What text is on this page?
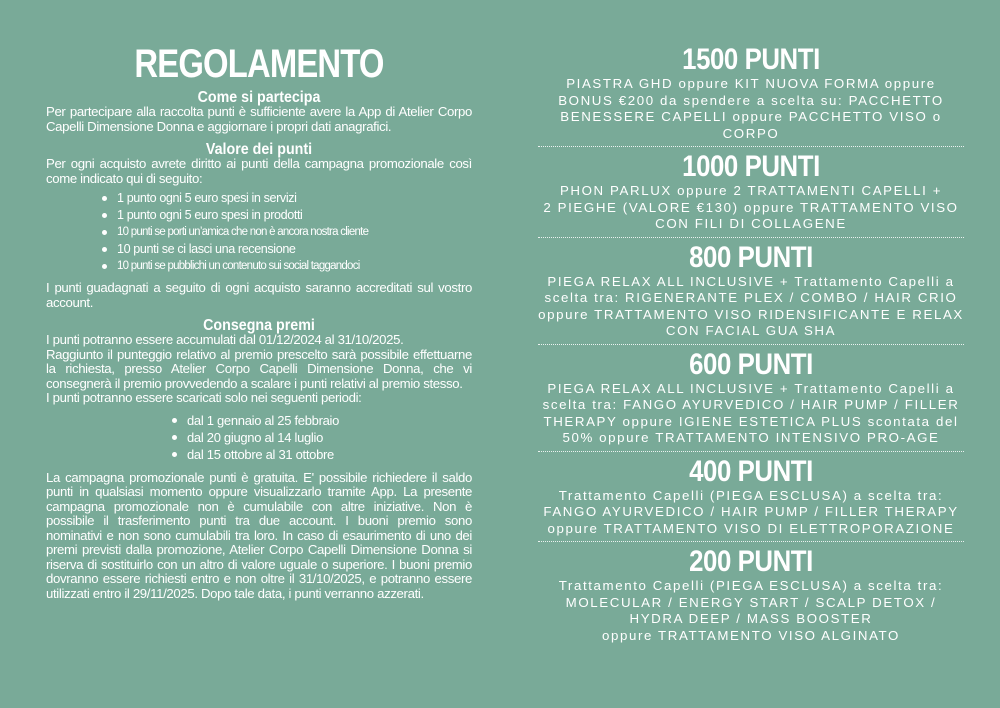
REGOLAMENTO
Come si partecipa
Per partecipare alla raccolta punti è sufficiente avere la App di Atelier Corpo Capelli Dimensione Donna e aggiornare i propri dati anagrafici.
Valore dei punti
Per ogni acquisto avrete diritto ai punti della campagna promozionale così come indicato qui di seguito:
1 punto ogni 5 euro spesi in servizi
1 punto ogni 5 euro spesi in prodotti
10 punti se porti un’amica che non è ancora nostra cliente
10 punti se ci lasci una recensione
10 punti se pubblichi un contenuto sui social taggandoci
I punti guadagnati a seguito di ogni acquisto saranno accreditati sul vostro account.
Consegna premi
I punti potranno essere accumulati dal 01/12/2024 al 31/10/2025.
Raggiunto il punteggio relativo al premio prescelto sarà possibile effettuarne la richiesta, presso Atelier Corpo Capelli Dimensione Donna, che vi consegnerà il premio provvedendo a scalare i punti relativi al premio stesso.
I punti potranno essere scaricati solo nei seguenti periodi:
dal 1 gennaio al 25 febbraio
dal 20 giugno al 14 luglio
dal 15 ottobre al 31 ottobre
La campagna promozionale punti è gratuita. E' possibile richiedere il saldo punti in qualsiasi momento oppure visualizzarlo tramite App. La presente campagna promozionale non è cumulabile con altre iniziative. Non è possibile il trasferimento punti tra due account. I buoni premio sono nominativi e non sono cumulabili tra loro. In caso di esaurimento di uno dei premi previsti dalla promozione, Atelier Corpo Capelli Dimensione Donna si riserva di sostituirlo con un altro di valore uguale o superiore. I buoni premio dovranno essere richiesti entro e non oltre il 31/10/2025, e potranno essere utilizzati entro il 29/11/2025. Dopo tale data, i punti verranno azzerati.
1500 PUNTI
PIASTRA GHD oppure KIT NUOVA FORMA oppure
BONUS €200 da spendere a scelta su: PACCHETTO
BENESSERE CAPELLI oppure PACCHETTO VISO o CORPO
1000 PUNTI
PHON PARLUX oppure 2 TRATTAMENTI CAPELLI +
2 PIEGHE (VALORE €130) oppure TRATTAMENTO VISO
CON FILI DI COLLAGENE
800 PUNTI
PIEGA RELAX ALL INCLUSIVE + Trattamento Capelli a
scelta tra: RIGENERANTE PLEX / COMBO / HAIR CRIO
oppure TRATTAMENTO VISO RIDENSIFICANTE E RELAX
CON FACIAL GUA SHA
600 PUNTI
PIEGA RELAX ALL INCLUSIVE + Trattamento Capelli a
scelta tra: FANGO AYURVEDICO / HAIR PUMP / FILLER
THERAPY oppure IGIENE ESTETICA PLUS scontata del
50% oppure TRATTAMENTO INTENSIVO PRO-AGE
400 PUNTI
Trattamento Capelli (PIEGA ESCLUSA) a scelta tra:
FANGO AYURVEDICO / HAIR PUMP / FILLER THERAPY
oppure TRATTAMENTO VISO DI ELETTROPORAZIONE
200 PUNTI
Trattamento Capelli (PIEGA ESCLUSA) a scelta tra:
MOLECULAR / ENERGY START / SCALP DETOX /
HYDRA DEEP / MASS BOOSTER
oppure TRATTAMENTO VISO ALGINATO
